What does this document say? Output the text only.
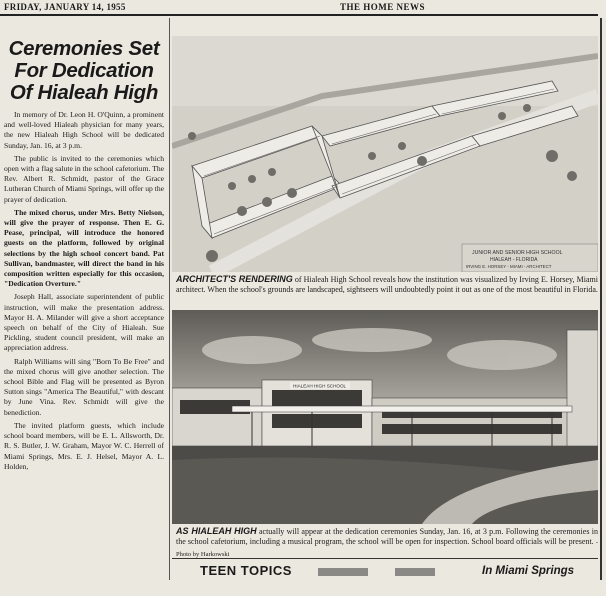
FRIDAY, JANUARY 14, 1955	THE HOME NEWS
Ceremonies Set
For Dedication
Of Hialeah High

In memory of Dr. Leon H. O'Quinn, a prominent and well-loved Hialeah physician for many years, the new Hialeah High School will be dedicated Sunday, Jan. 16, at 3 p.m.

The public is invited to the ceremonies which open with a flag salute in the school cafetorium. The Rev. Albert R. Schmidt, pastor of the Grace Lutheran Church of Miami Springs, will offer up the prayer of dedication.

The mixed chorus, under Mrs. Betty Nielson, will give the prayer of response. Then E. G. Pease, principal, will introduce the honored guests on the platform, followed by original selections by the high school concert band. Pat Sullivan, bandmaster, will direct the band in his composition written especially for this occasion, "Dedication Overture."

Joseph Hall, associate superintendent of public instruction, will make the presentation address. Mayor H. A. Milander will give a short acceptance speech on behalf of the City of Hialeah. Sue Pickling, student council president, will make an appreciation address.

Ralph Williams will sing "Born To Be Free" and the mixed chorus will give another selection. The school Bible and Flag will be presented as Byron Sutton sings "America The Beautiful," with descant by June Vina. Rev. Schmidt will give the benediction.

The invited platform guests, which include school board members, will be E. L. Allsworth, Dr. R. S. Butler, J. W. Graham, Mayor W. C. Herrell of Miami Springs, Mrs. E. J. Helsel, Mayor A. L. Holden,

JUNIOR AND SENIOR HIGH SCHOOL
HIALEAH - FLORIDA
IRVING E. HORSEY - MIAMI - ARCHITECT
ARCHITECT'S RENDERING of Hialeah High School reveals how the institution was visualized by Irving E. Horsey, Miami architect. When the school's grounds are landscaped, sightseers will undoubtedly point it out as one of the most beautiful in Florida.
HIALEAH HIGH SCHOOL
AS HIALEAH HIGH actually will appear at the dedication ceremonies Sunday, Jan. 16, at 3 p.m. Following the ceremonies in the school cafetorium, including a musical program, the school will be open for inspection. School board officials will be present. -Photo by Harkowski
TEEN TOPICS	In Miami Springs
